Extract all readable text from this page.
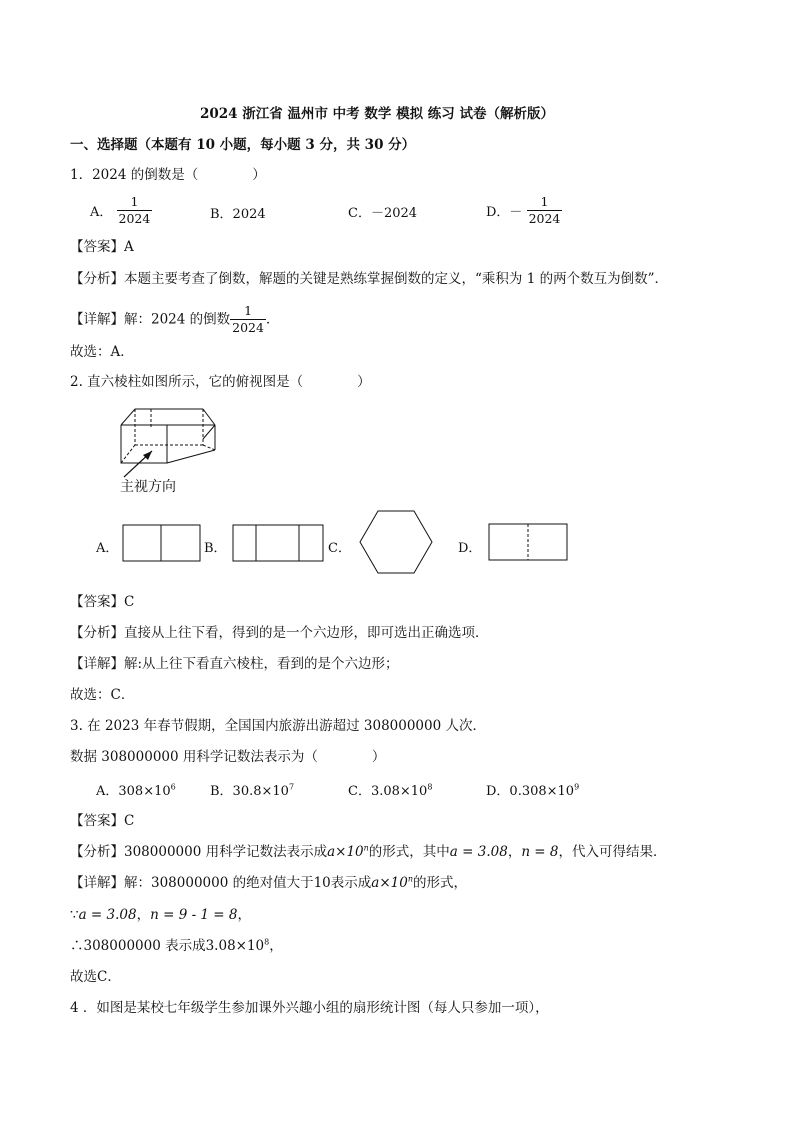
2024 浙江省 温州市 中考 数学 模拟 练习 试卷（解析版）
一、选择题（本题有 10 小题，每小题 3 分，共 30 分）
1．2024 的倒数是（　　　　）
A． $\frac{1}{2024}$	B．2024	C．－2024	D．－ $\frac{1}{2024}$
【答案】A
【分析】本题主要考查了倒数，解题的关键是熟练掌握倒数的定义，“乘积为 1 的两个数互为倒数”．
【详解】解：2024 的倒数 $\frac{1}{2024}$ ．
故选：A．
2. 直六棱柱如图所示，它的俯视图是（　　　　）
主视方向
A．	B．	C．	D．
【答案】C
【分析】直接从上往下看，得到的是一个六边形，即可选出正确选项．
【详解】解:从上往下看直六棱柱，看到的是个六边形；
故选：C．
3. 在 2023 年春节假期，全国国内旅游出游超过 308000000 人次．
数据 308000000 用科学记数法表示为（　　　　）
A．$308\times 10^6$	B．$30.8\times 10^7$	C．$3.08\times 10^8$	D．$0.308\times 10^9$
【答案】C
【分析】308000000 用科学记数法表示成$a\times 10^n$的形式，其中a = 3.08，n = 8，代入可得结果．
【详解】解：308000000 的绝对值大于10表示成$a\times 10^n$的形式，
∵a = 3.08，n = 9 - 1 = 8，
∴308000000 表示成$3.08\times 10^8$，
故选C．
4 ．如图是某校七年级学生参加课外兴趣小组的扇形统计图（每人只参加一项），
